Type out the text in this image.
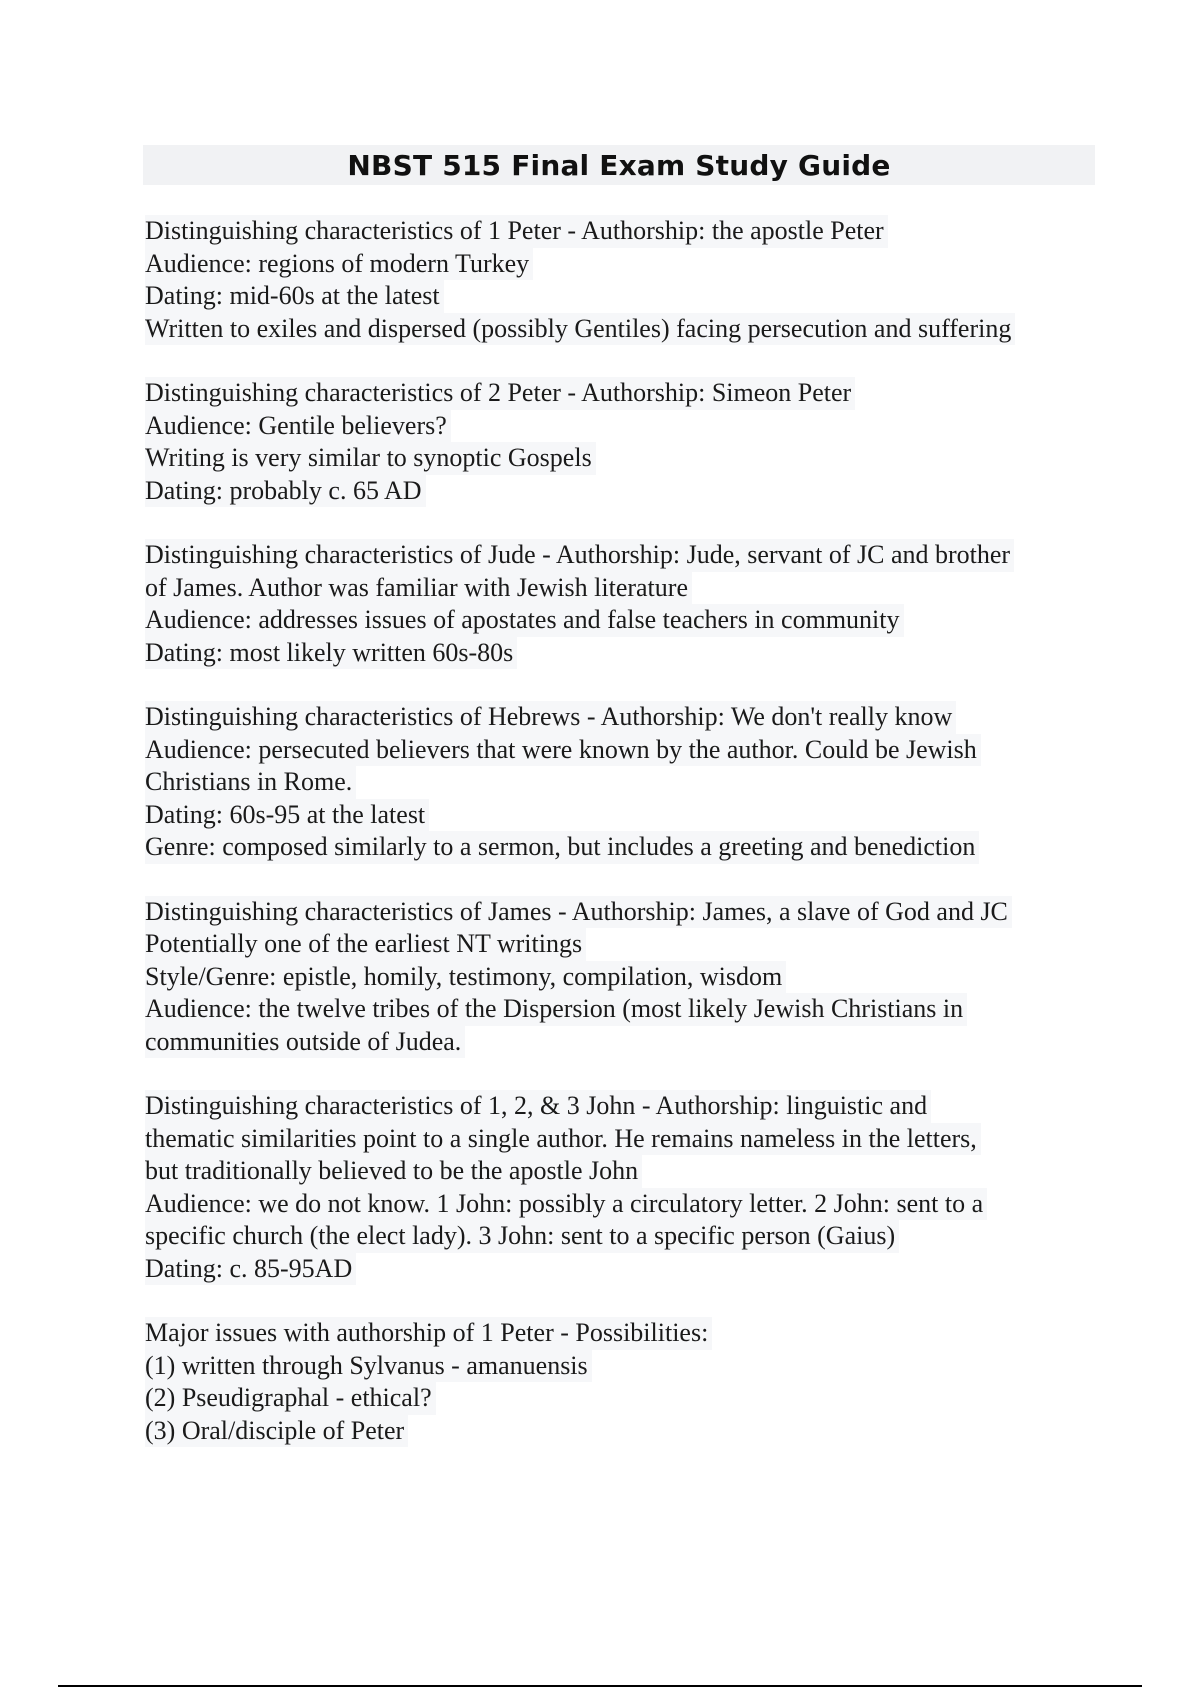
NBST 515 Final Exam Study Guide
Distinguishing characteristics of 1 Peter - Authorship: the apostle Peter
Audience: regions of modern Turkey
Dating: mid-60s at the latest
Written to exiles and dispersed (possibly Gentiles) facing persecution and suffering
Distinguishing characteristics of 2 Peter - Authorship: Simeon Peter
Audience: Gentile believers?
Writing is very similar to synoptic Gospels
Dating: probably c. 65 AD
Distinguishing characteristics of Jude - Authorship: Jude, servant of JC and brother
of James. Author was familiar with Jewish literature
Audience: addresses issues of apostates and false teachers in community
Dating: most likely written 60s-80s
Distinguishing characteristics of Hebrews - Authorship: We don't really know
Audience: persecuted believers that were known by the author. Could be Jewish
Christians in Rome.
Dating: 60s-95 at the latest
Genre: composed similarly to a sermon, but includes a greeting and benediction
Distinguishing characteristics of James - Authorship: James, a slave of God and JC
Potentially one of the earliest NT writings
Style/Genre: epistle, homily, testimony, compilation, wisdom
Audience: the twelve tribes of the Dispersion (most likely Jewish Christians in
communities outside of Judea.
Distinguishing characteristics of 1, 2, & 3 John - Authorship: linguistic and
thematic similarities point to a single author. He remains nameless in the letters,
but traditionally believed to be the apostle John
Audience: we do not know. 1 John: possibly a circulatory letter. 2 John: sent to a
specific church (the elect lady). 3 John: sent to a specific person (Gaius)
Dating: c. 85-95AD
Major issues with authorship of 1 Peter - Possibilities:
(1) written through Sylvanus - amanuensis
(2) Pseudigraphal - ethical?
(3) Oral/disciple of Peter
